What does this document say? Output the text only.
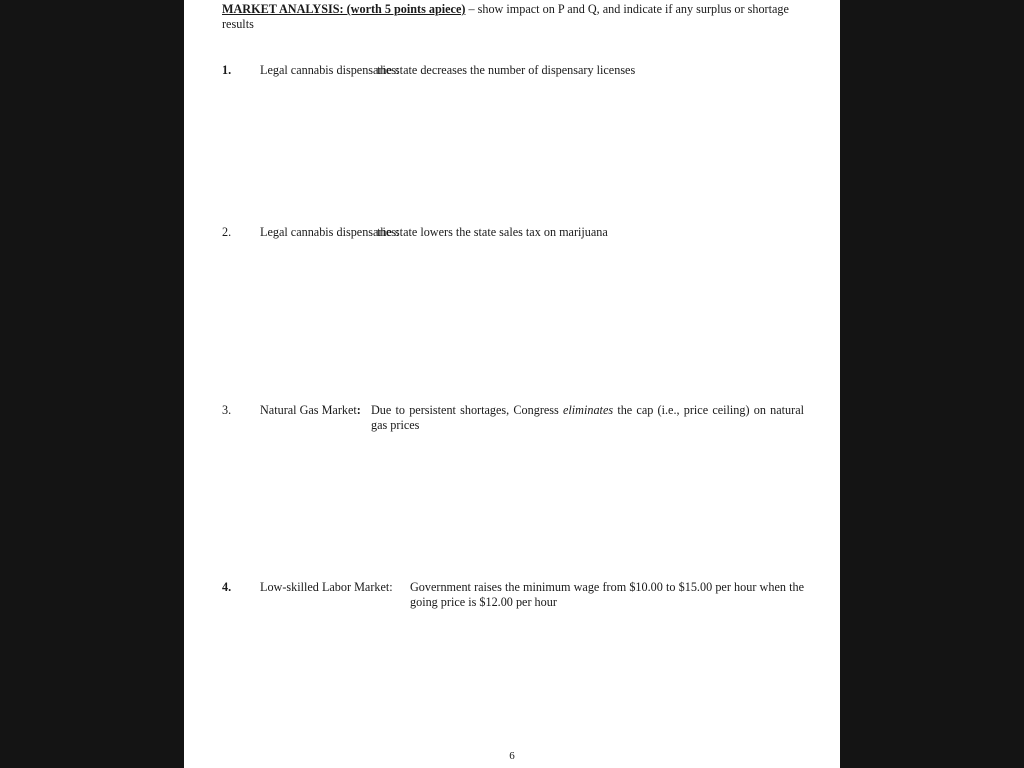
MARKET ANALYSIS: (worth 5 points apiece) – show impact on P and Q, and indicate if any surplus or shortage results
1. Legal cannabis dispensaries:
the state decreases the number of dispensary licenses
2. Legal cannabis dispensaries:
the state lowers the state sales tax on marijuana
3. Natural Gas Market: Due to persistent shortages, Congress eliminates the cap (i.e., price ceiling) on natural gas prices
4. Low-skilled Labor Market: Government raises the minimum wage from $10.00 to $15.00 per hour when the going price is $12.00 per hour
6
